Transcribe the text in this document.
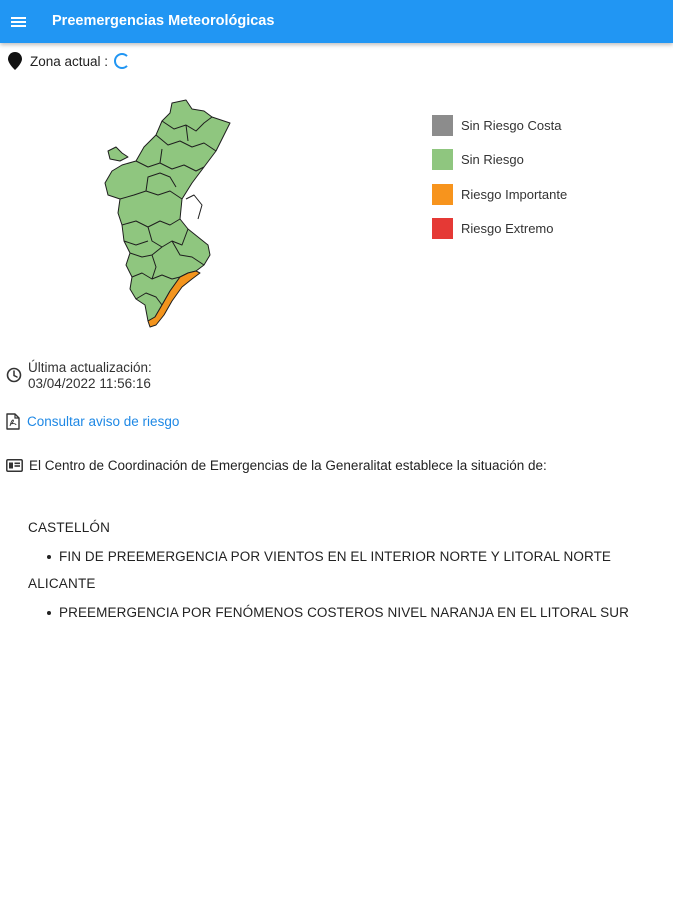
Preemergencias Meteorológicas
Zona actual :
Sin Riesgo Costa
Sin Riesgo
Riesgo Importante
Riesgo Extremo
Última actualización:
03/04/2022 11:56:16
Consultar aviso de riesgo
El Centro de Coordinación de Emergencias de la Generalitat establece la situación de:
CASTELLÓN
FIN DE PREEMERGENCIA POR VIENTOS EN EL INTERIOR NORTE Y LITORAL NORTE
ALICANTE
PREEMERGENCIA POR FENÓMENOS COSTEROS NIVEL NARANJA EN EL LITORAL SUR
